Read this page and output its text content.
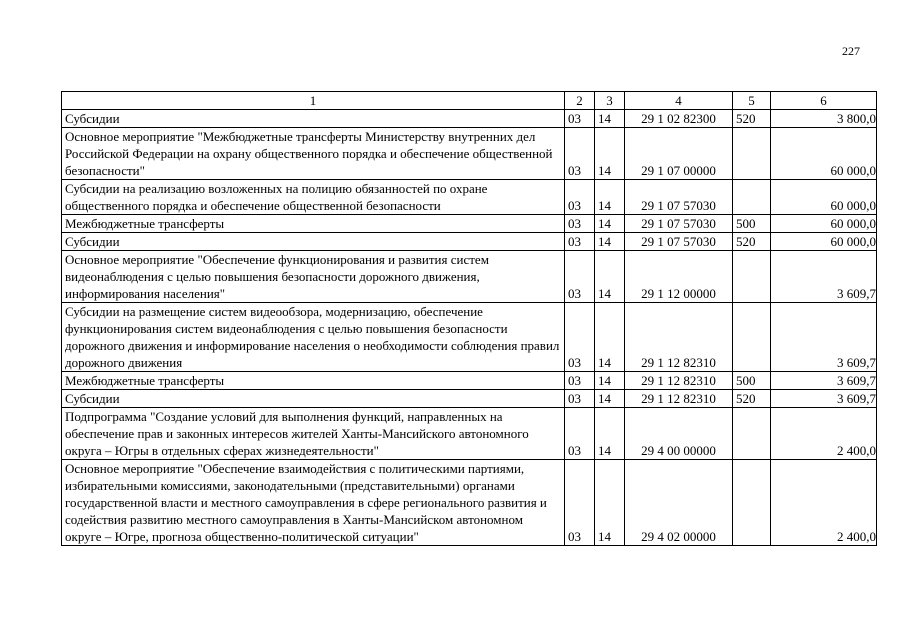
227
1	2	3	4	5	6
Субсидии	03	14	29 1 02 82300	520	3 800,0
Основное мероприятие "Межбюджетные трансферты Министерству внутренних дел Российской Федерации на охрану общественного порядка и обеспечение общественной безопасности"	03	14	29 1 07 00000		60 000,0
Субсидии на реализацию возложенных на полицию обязанностей по охране общественного порядка и обеспечение общественной безопасности	03	14	29 1 07 57030		60 000,0
Межбюджетные трансферты	03	14	29 1 07 57030	500	60 000,0
Субсидии	03	14	29 1 07 57030	520	60 000,0
Основное мероприятие "Обеспечение функционирования и развития систем видеонаблюдения с целью повышения безопасности дорожного движения, информирования населения"	03	14	29 1 12 00000		3 609,7
Субсидии на размещение систем видеообзора, модернизацию, обеспечение функционирования систем видеонаблюдения с целью повышения безопасности дорожного движения и информирование населения о необходимости соблюдения правил дорожного движения	03	14	29 1 12 82310		3 609,7
Межбюджетные трансферты	03	14	29 1 12 82310	500	3 609,7
Субсидии	03	14	29 1 12 82310	520	3 609,7
Подпрограмма "Создание условий для выполнения функций, направленных на обеспечение прав и законных интересов жителей Ханты-Мансийского автономного округа – Югры в отдельных сферах жизнедеятельности"	03	14	29 4 00 00000		2 400,0
Основное мероприятие "Обеспечение взаимодействия с политическими партиями, избирательными комиссиями, законодательными (представительными) органами государственной власти и местного самоуправления в сфере регионального развития и содействия развитию местного самоуправления в Ханты-Мансийском автономном округе – Югре, прогноза общественно-политической ситуации"	03	14	29 4 02 00000		2 400,0
